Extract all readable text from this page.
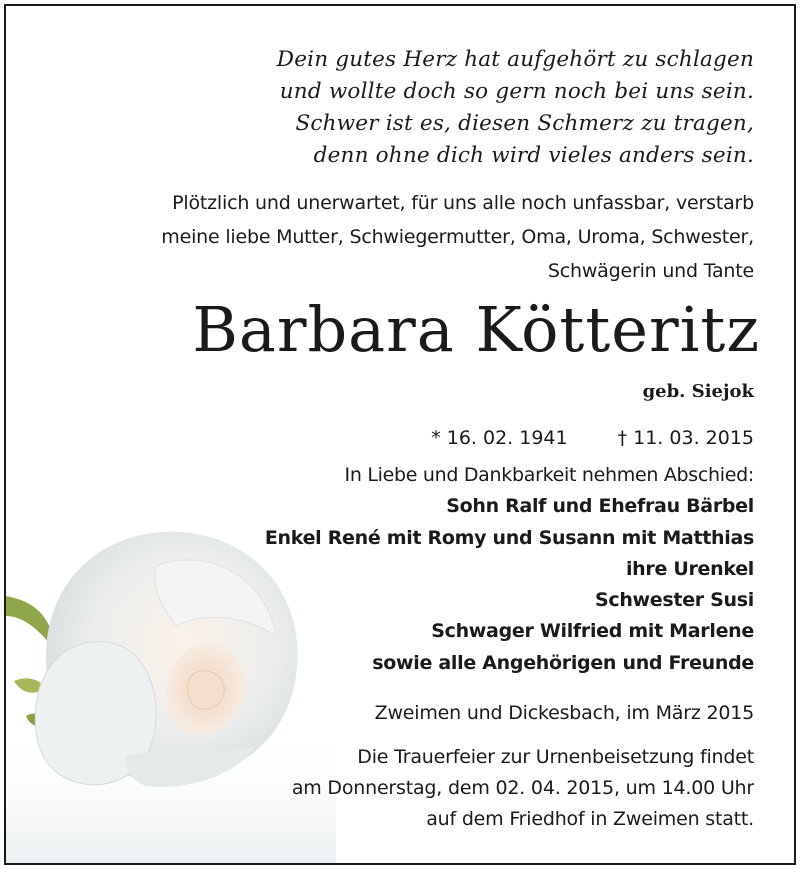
Dein gutes Herz hat aufgehört zu schlagen
und wollte doch so gern noch bei uns sein.
Schwer ist es, diesen Schmerz zu tragen,
denn ohne dich wird vieles anders sein.
Plötzlich und unerwartet, für uns alle noch unfassbar, verstarb
meine liebe Mutter, Schwiegermutter, Oma, Uroma, Schwester,
Schwägerin und Tante
Barbara Kötteritz
geb. Siejok
* 16. 02. 1941	† 11. 03. 2015
In Liebe und Dankbarkeit nehmen Abschied:
Sohn Ralf und Ehefrau Bärbel
Enkel René mit Romy und Susann mit Matthias
ihre Urenkel
Schwester Susi
Schwager Wilfried mit Marlene
sowie alle Angehörigen und Freunde
Zweimen und Dickesbach, im März 2015
Die Trauerfeier zur Urnenbeisetzung findet
am Donnerstag, dem 02. 04. 2015, um 14.00 Uhr
auf dem Friedhof in Zweimen statt.
